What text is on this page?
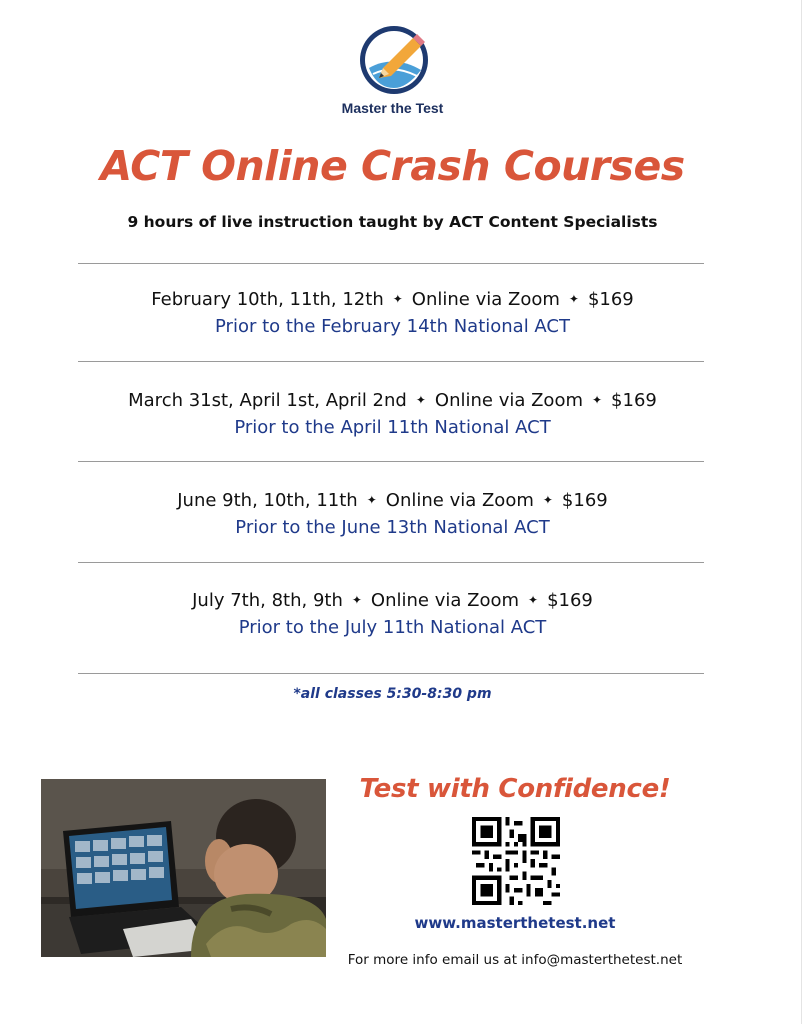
Master the Test
ACT Online Crash Courses
9 hours of live instruction taught by ACT Content Specialists
February 10th, 11th, 12th ✦ Online via Zoom ✦ $169
Prior to the February 14th National ACT
March 31st, April 1st, April 2nd ✦ Online via Zoom ✦ $169
Prior to the April 11th National ACT
June 9th, 10th, 11th ✦ Online via Zoom ✦ $169
Prior to the June 13th National ACT
July 7th, 8th, 9th ✦ Online via Zoom ✦ $169
Prior to the July 11th National ACT
*all classes 5:30-8:30 pm
Test with Confidence!
www.masterthetest.net
For more info email us at info@masterthetest.net
